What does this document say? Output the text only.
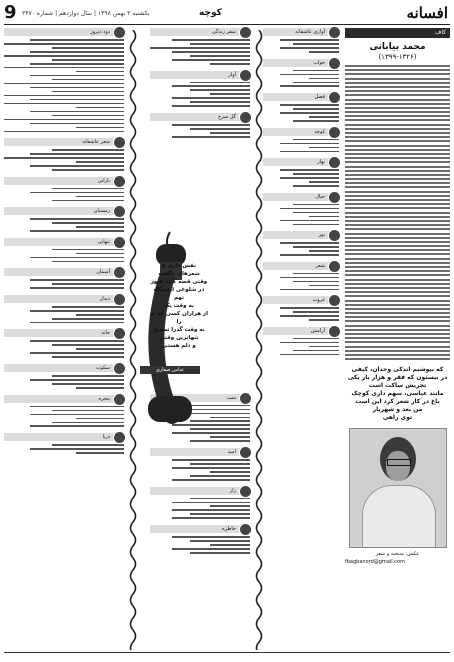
9 یکشنبه ۳ بهمن ۱۳۹۸ | سال دوازدهم | شماره ۳۴۷۰	کوچه	افسانه
دود دیروز
شعر عاشقانه
بارانی
زمستان
تنهایی
آسمان
دیدار
خانه
سکوت
پنجره
دریا
سفر زندگی
آواز
گل سرخ
شب
امید
راز
خاطره
نفس داری غ
شعرهای ناگفته
وقتی قصه کنند هنوز
در شلوغی ایستگاه تهم
به وقت یک
از هزاران کسی که تو را
به وقت گذرا تسبیح
تنهاترین وقتی
و دلم هستی
عباس صفاری
آوازی عاشقانه
خواب
فصل
کوچه
بهار
خیال
نور
شعر
غروب
آرامش
کاف
محمد بیابانی
(۱۳۹۹-۱۳۲۶)
که بپوشیم اندکی وجدان، کیفی
در بیستون که فقر و هزار بار یکی
تجریش ساکت است
مانند عباسی، سهم داری کوچک
باغ در کار شعر کرد این است
من بعد و شهریار
توی راهی
عکس: منتخبه و شعر
fbagbanord@gmail.com
